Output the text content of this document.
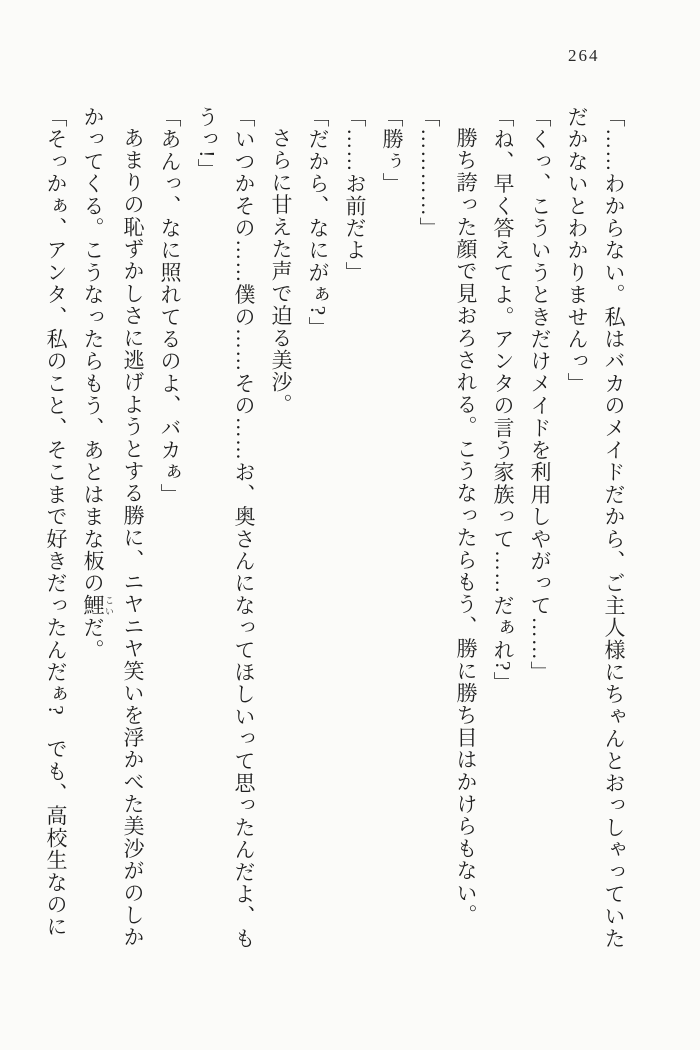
264
「……わからない。私はバカのメイドだから、ご主人様にちゃんとおっしゃっていた
だかないとわかりませんっ」
「くっ、こういうときだけメイドを利用しやがって……」
「ね、早く答えてよ。アンタの言う家族って……だぁれ?」
勝ち誇った顔で見おろされる。こうなったらもう、勝に勝ち目はかけらもない。
「…………」
「勝ぅ」
「……お前だよ」
「だから、なにがぁ?」
さらに甘えた声で迫る美沙。
「いつかその……僕の……その……お、奥さんになってほしいって思ったんだよ、も
うっ!」
「あんっ、なに照れてるのよ、バカぁ」
あまりの恥ずかしさに逃げようとする勝に、ニヤニヤ笑いを浮かべた美沙がのしか
かってくる。こうなったらもう、あとはまな板の鯉 こいだ。
「そっかぁ、アンタ、私のこと、そこまで好きだったんだぁ?　でも、高校生なのに
